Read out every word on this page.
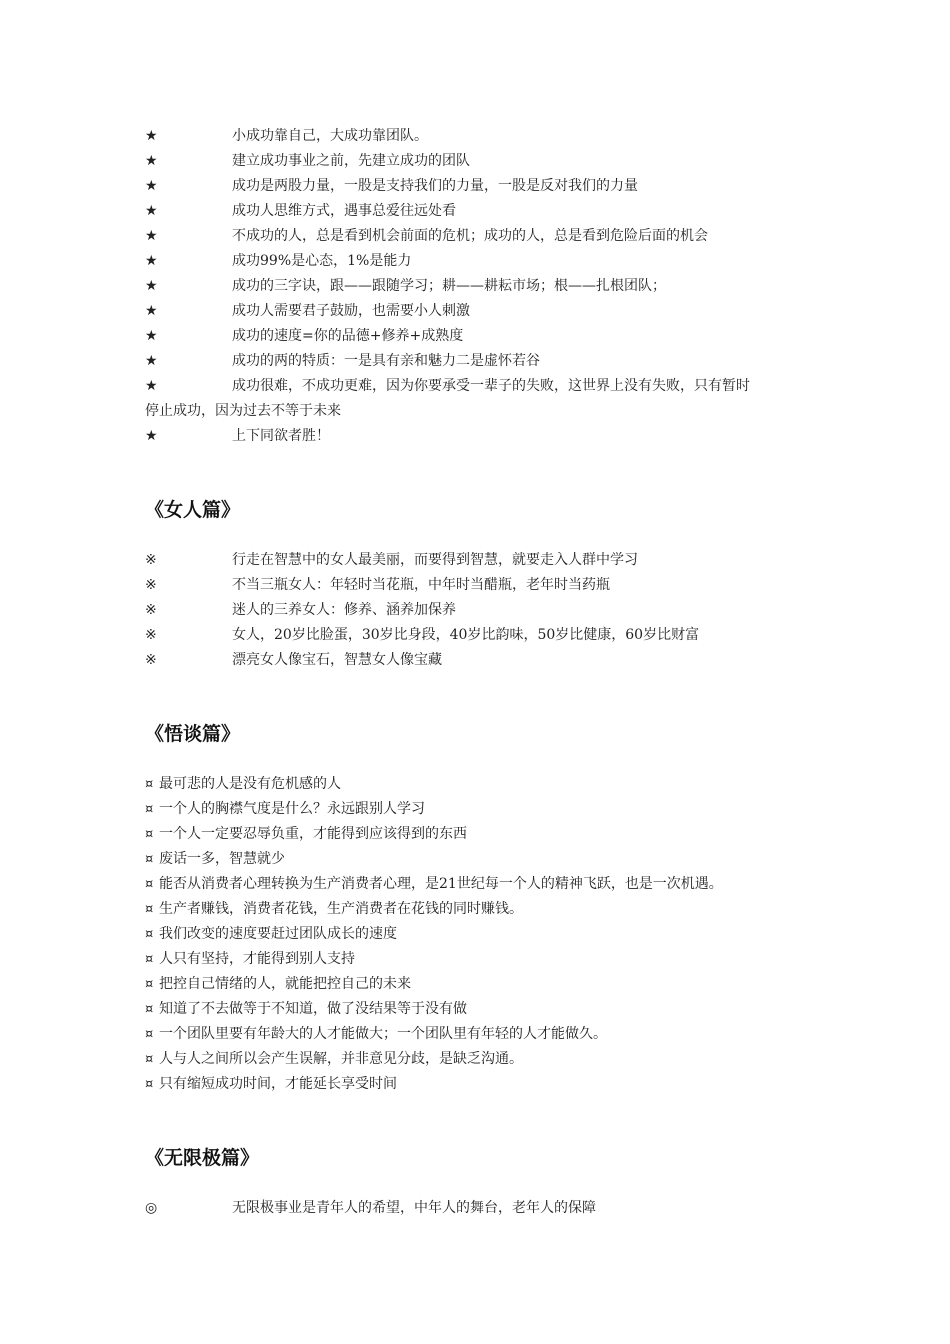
★	小成功靠自己，大成功靠团队。
★	建立成功事业之前，先建立成功的团队
★	成功是两股力量，一股是支持我们的力量，一股是反对我们的力量
★	成功人思维方式，遇事总爱往远处看
★	不成功的人，总是看到机会前面的危机；成功的人，总是看到危险后面的机会
★	成功99%是心态，1%是能力
★	成功的三字诀，跟——跟随学习；耕——耕耘市场；根——扎根团队；
★	成功人需要君子鼓励，也需要小人刺激
★	成功的速度=你的品德+修养+成熟度
★	成功的两的特质：一是具有亲和魅力二是虚怀若谷
★	成功很难，不成功更难，因为你要承受一辈子的失败，这世界上没有失败，只有暂时
停止成功，因为过去不等于未来
★	上下同欲者胜！
《女人篇》
※	行走在智慧中的女人最美丽，而要得到智慧，就要走入人群中学习
※	不当三瓶女人：年轻时当花瓶，中年时当醋瓶，老年时当药瓶
※	迷人的三养女人：修养、涵养加保养
※	女人，20岁比脸蛋，30岁比身段，40岁比韵味，50岁比健康，60岁比财富
※	漂亮女人像宝石，智慧女人像宝藏
《悟谈篇》
¤ 最可悲的人是没有危机感的人
¤ 一个人的胸襟气度是什么？永远跟别人学习
¤ 一个人一定要忍辱负重，才能得到应该得到的东西
¤ 废话一多，智慧就少
¤ 能否从消费者心理转换为生产消费者心理，是21世纪每一个人的精神飞跃，也是一次机遇。
¤ 生产者赚钱，消费者花钱，生产消费者在花钱的同时赚钱。
¤ 我们改变的速度要赶过团队成长的速度
¤ 人只有坚持，才能得到别人支持
¤ 把控自己情绪的人，就能把控自己的未来
¤ 知道了不去做等于不知道，做了没结果等于没有做
¤ 一个团队里要有年龄大的人才能做大；一个团队里有年轻的人才能做久。
¤ 人与人之间所以会产生误解，并非意见分歧，是缺乏沟通。
¤ 只有缩短成功时间，才能延长享受时间
《无限极篇》
◎	无限极事业是青年人的希望，中年人的舞台，老年人的保障
